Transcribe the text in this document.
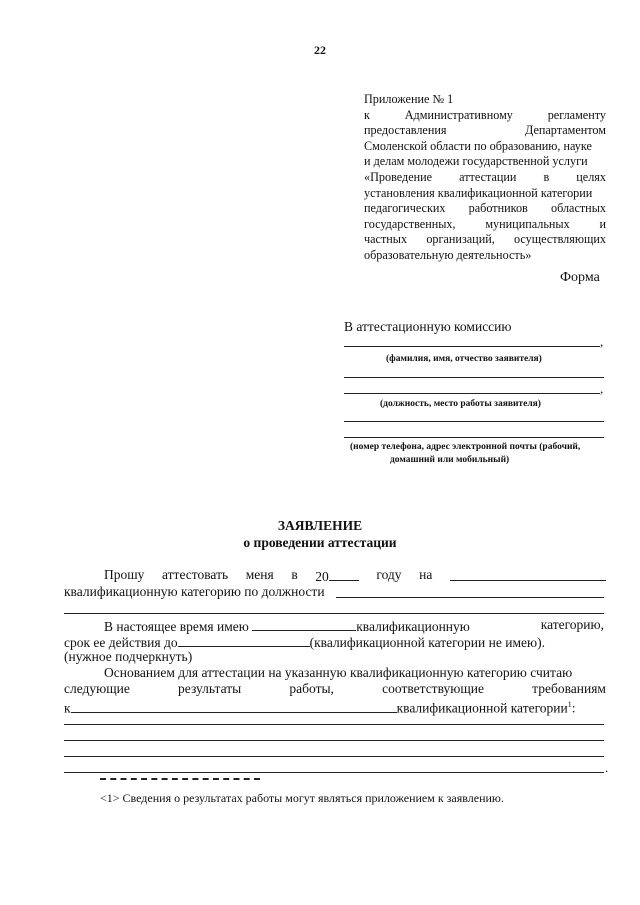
22
Приложение № 1
к	Административному	регламенту
предоставления	Департаментом
Смоленской области по образованию, науке
и делам молодежи государственной услуги
«Проведение аттестации в целях
установления квалификационной категории
педагогических работников областных
государственных, муниципальных и
частных организаций, осуществляющих
образовательную деятельность»
Форма
В аттестационную комиссию
,
(фамилия, имя, отчество заявителя)
,
(должность, место работы заявителя)
(номер телефона, адрес электронной почты (рабочий,
домашний или мобильный)
ЗАЯВЛЕНИЕ
о проведении аттестации
Прошу аттестовать меня в 20	году на
квалификационную категорию по должности
В настоящее время имею	квалификационную	категорию,
срок ее действия до	(квалификационной категории не имею).
(нужное подчеркнуть)
Основанием для аттестации на указанную квалификационную категорию считаю
следующие	результаты	работы,	соответствующие	требованиям
к	квалификационной категории$^1$:
.
<1> Сведения о результатах работы могут являться приложением к заявлению.
